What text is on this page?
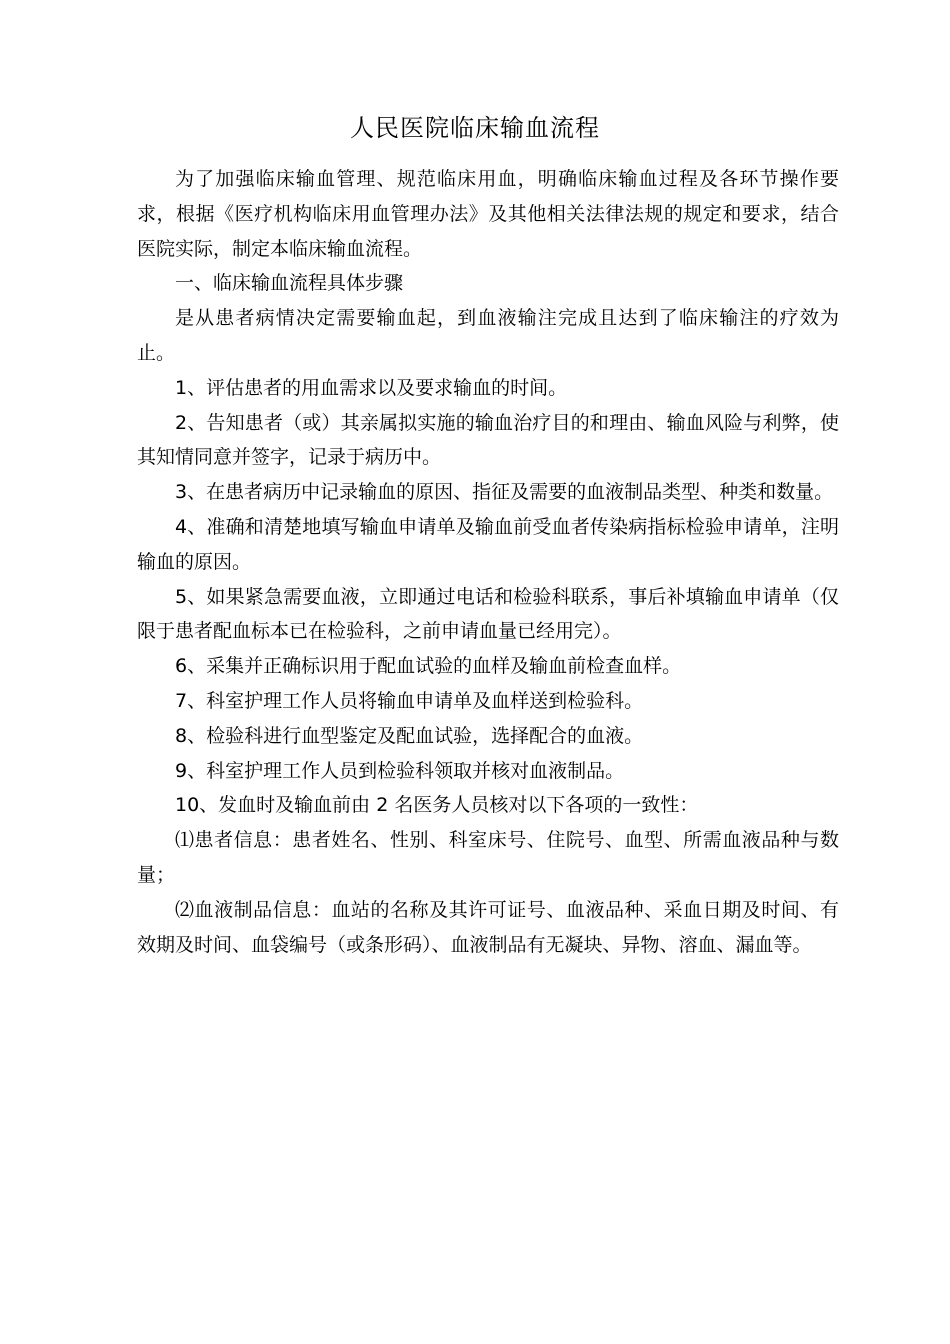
人民医院临床输血流程

为了加强临床输血管理、规范临床用血，明确临床输血过程及各环节操作要求，根据《医疗机构临床用血管理办法》及其他相关法律法规的规定和要求，结合医院实际，制定本临床输血流程。

一、临床输血流程具体步骤

是从患者病情决定需要输血起，到血液输注完成且达到了临床输注的疗效为止。

1、评估患者的用血需求以及要求输血的时间。

2、告知患者（或）其亲属拟实施的输血治疗目的和理由、输血风险与利弊，使其知情同意并签字，记录于病历中。

3、在患者病历中记录输血的原因、指征及需要的血液制品类型、种类和数量。

4、准确和清楚地填写输血申请单及输血前受血者传染病指标检验申请单，注明输血的原因。

5、如果紧急需要血液，立即通过电话和检验科联系，事后补填输血申请单（仅限于患者配血标本已在检验科，之前申请血量已经用完）。

6、采集并正确标识用于配血试验的血样及输血前检查血样。

7、科室护理工作人员将输血申请单及血样送到检验科。

8、检验科进行血型鉴定及配血试验，选择配合的血液。

9、科室护理工作人员到检验科领取并核对血液制品。

10、发血时及输血前由 2 名医务人员核对以下各项的一致性：

⑴患者信息：患者姓名、性别、科室床号、住院号、血型、所需血液品种与数量；

⑵血液制品信息：血站的名称及其许可证号、血液品种、采血日期及时间、有效期及时间、血袋编号（或条形码）、血液制品有无凝块、异物、溶血、漏血等。
